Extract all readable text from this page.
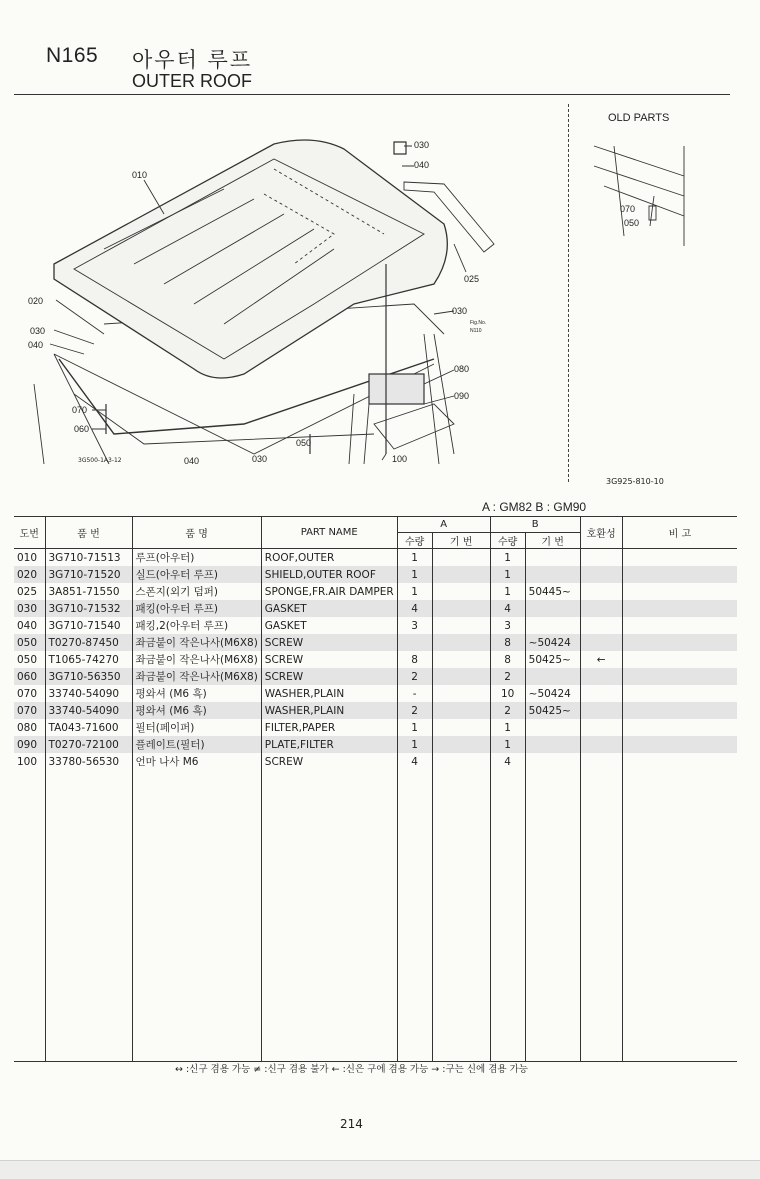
N165 아우터 루프
OUTER ROOF
OLD PARTS
010
020
030
040
070
060
030
040
025
030
080
090
100
050
040	030
Fig.No.
N110
070
050
3G500-1A3-12
3G925-810-10
A : GM82 B : GM90
도번	품 번	품 명	PART NAME	A		B		호환성	비 고
				수량	기 번	수량	기 번		
010	3G710-71513	루프(아우터)	ROOF,OUTER	1		1			
020	3G710-71520	실드(아우터 루프)	SHIELD,OUTER ROOF	1		1			
025	3A851-71550	스폰지(외기 덤퍼)	SPONGE,FR.AIR DAMPER	1		1	50445~		
030	3G710-71532	패킹(아우터 루프)	GASKET	4		4			
040	3G710-71540	패킹,2(아우터 루프)	GASKET	3		3			
050	T0270-87450	좌금붙이 작은나사(M6X8)	SCREW			8	~50424		
050	T1065-74270	좌금붙이 작은나사(M6X8)	SCREW	8		8	50425~	←	
060	3G710-56350	좌금붙이 작은나사(M6X8)	SCREW	2		2			
070	33740-54090	평와셔 (M6 흑)	WASHER,PLAIN	-		10	~50424		
070	33740-54090	평와셔 (M6 흑)	WASHER,PLAIN	2		2	50425~		
080	TA043-71600	필터(페이퍼)	FILTER,PAPER	1		1			
090	T0270-72100	플레이트(필터)	PLATE,FILTER	1		1			
100	33780-56530	언마 나사 M6	SCREW	4		4			

↔ :신구 겸용 가능 ≠ :신구 겸용 불가 ← :신은 구에 겸용 가능 → :구는 신에 겸용 가능
214
